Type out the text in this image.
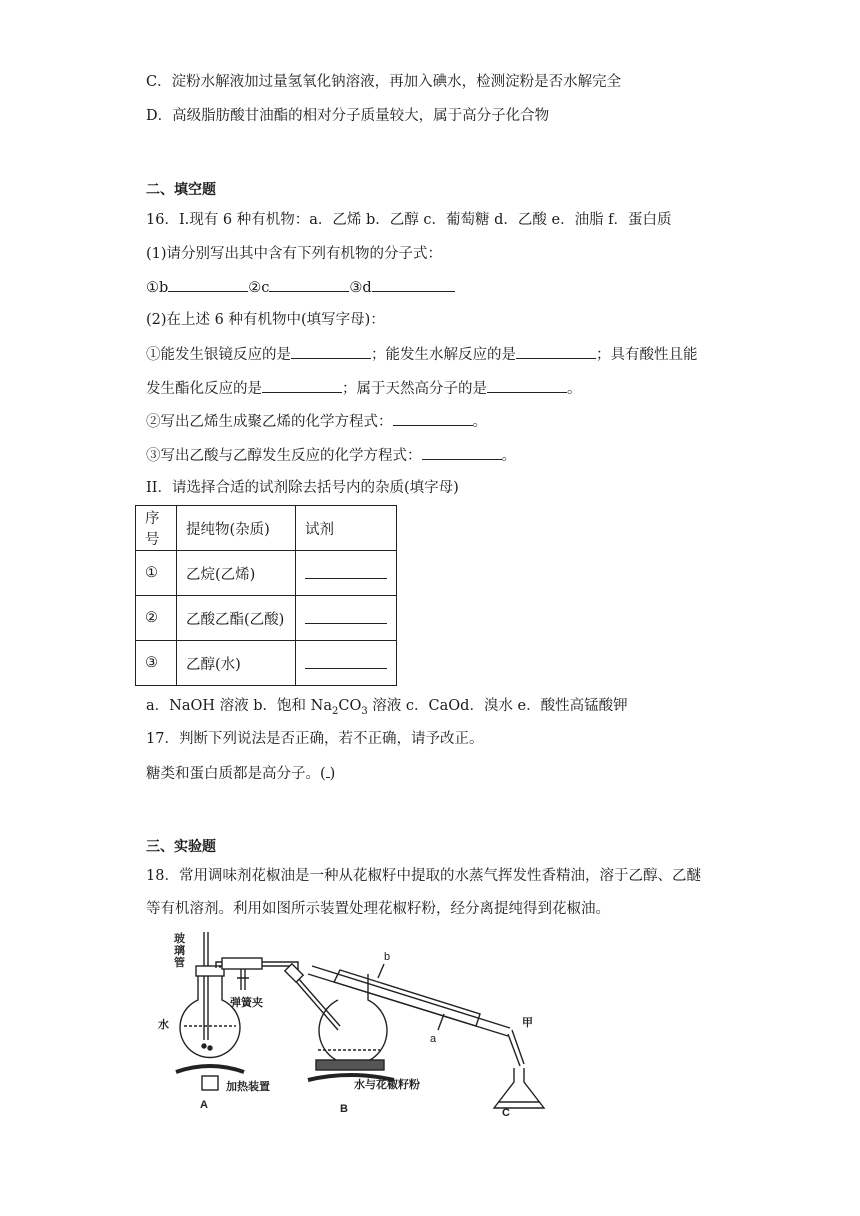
C．淀粉水解液加过量氢氧化钠溶液，再加入碘水，检测淀粉是否水解完全
D．高级脂肪酸甘油酯的相对分子质量较大，属于高分子化合物
二、填空题
16．I.现有 6 种有机物：a．乙烯 b．乙醇 c．葡萄糖 d．乙酸 e．油脂 f．蛋白质
(1)请分别写出其中含有下列有机物的分子式：
①b	②c	③d
(2)在上述 6 种有机物中(填写字母)：
①能发生银镜反应的是	；能发生水解反应的是	；具有酸性且能
发生酯化反应的是	；属于天然高分子的是	。
②写出乙烯生成聚乙烯的化学方程式：	。
③写出乙酸与乙醇发生反应的化学方程式：	。
II．请选择合适的试剂除去括号内的杂质(填字母)
序号	提纯物(杂质)	试剂
①	乙烷(乙烯)	
②	乙酸乙酯(乙酸)	
③	乙醇(水)	
a．NaOH 溶液 b．饱和 $Na_2CO_3$ 溶液 c．CaOd．溴水 e．酸性高锰酸钾
17．判断下列说法是否正确，若不正确，请予改正。
糖类和蛋白质都是高分子。( )
三、实验题
18．常用调味剂花椒油是一种从花椒籽中提取的水蒸气挥发性香精油，溶于乙醇、乙醚
等有机溶剂。利用如图所示装置处理花椒籽粉，经分离提纯得到花椒油。
玻
璃
管
弹簧夹
水
加热装置	水与花椒籽粉
b
a
甲
A	B	C
